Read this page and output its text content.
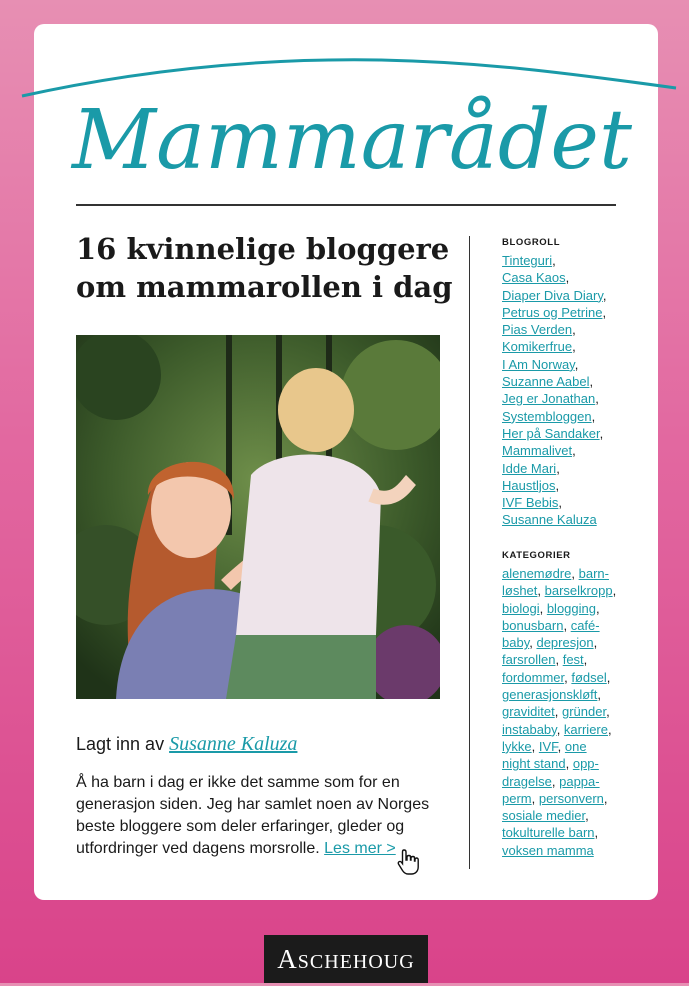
Mammarådet
16 kvinnelige bloggere
om mammarollen i dag
Lagt inn av Susanne Kaluza

Å ha barn i dag er ikke det samme som for en
generasjon siden. Jeg har samlet noen av Norges
beste bloggere som deler erfaringer, gleder og
utfordringer ved dagens morsrolle. Les mer >

BLOGROLL
Tinteguri,
Casa Kaos,
Diaper Diva Diary,
Petrus og Petrine,
Pias Verden,
Komikerfrue,
I Am Norway,
Suzanne Aabel,
Jeg er Jonathan,
Systembloggen,
Her på Sandaker,
Mammalivet,
Idde Mari,
Haustljos,
IVF Bebis,
Susanne Kaluza
KATEGORIER
alenemødre, barn-
løshet, barselkropp,
biologi, blogging,
bonusbarn, café-
baby, depresjon,
farsrollen, fest,
fordommer, fødsel,
generasjonskløft,
graviditet, gründer,
instababy, karriere,
lykke, IVF, one
night stand, opp-
dragelse, pappa-
perm, personvern,
sosiale medier,
tokulturelle barn,
voksen mamma
ASCHEHOUG
